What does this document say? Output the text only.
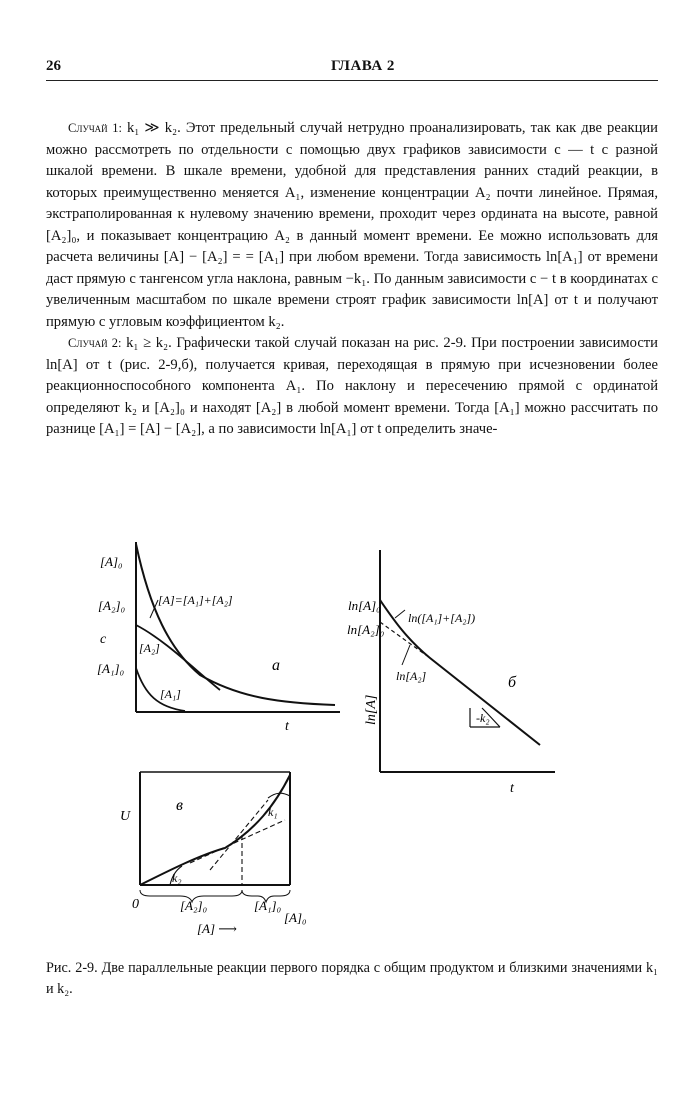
26	ГЛАВА 2

Случай 1: k₁ ≫ k₂. Этот предельный случай нетрудно проанализировать, так как две реакции можно рассмотреть по отдельности с помощью двух графиков зависимости c — t с разной шкалой времени. В шкале времени, удобной для представления ранних стадий реакции, в которых преимущественно меняется A₁, изменение концентрации A₂ почти линейное. Прямая, экстраполированная к нулевому значению времени, проходит через ордината на высоте, равной [A₂]₀, и показывает концентрацию A₂ в данный момент времени. Ее можно использовать для расчета величины [A] − [A₂] = = [A₁] при любом времени. Тогда зависимость ln[A₁] от времени даст прямую с тангенсом угла наклона, равным −k₁. По данным зависимости c − t в координатах с увеличенным масштабом по шкале времени строят график зависимости ln[A] от t и получают прямую с угловым коэффициентом k₂.

Случай 2: k₁ ≥ k₂. Графически такой случай показан на рис. 2-9. При построении зависимости ln[A] от t (рис. 2-9,б), получается кривая, переходящая в прямую при исчезновении более реакционноспособного компонента A₁. По наклону и пересечению прямой с ординатой определяют k₂ и [A₂]₀ и находят [A₂] в любой момент времени. Тогда [A₁] можно рассчитать по разнице [A₁] = [A] − [A₂], а по зависимости ln[A₁] от t определить значе-

[A]₀
[A₂]₀
c
[A₁]₀
[A]=[A₁]+[A₂]
[A₂]
[A₁]
а
t
ln[A]₀
ln[A₂]₀
ln([A₁]+[A₂])
ln[A₂]	б
-k₂
ln[A]
t
в
U	k₁
k₂
0	[A₂]₀	[A₁]₀
[A]₀
[A] ⟶
Рис. 2-9. Две параллельные реакции первого порядка с общим продуктом и близкими значениями k₁ и k₂.
